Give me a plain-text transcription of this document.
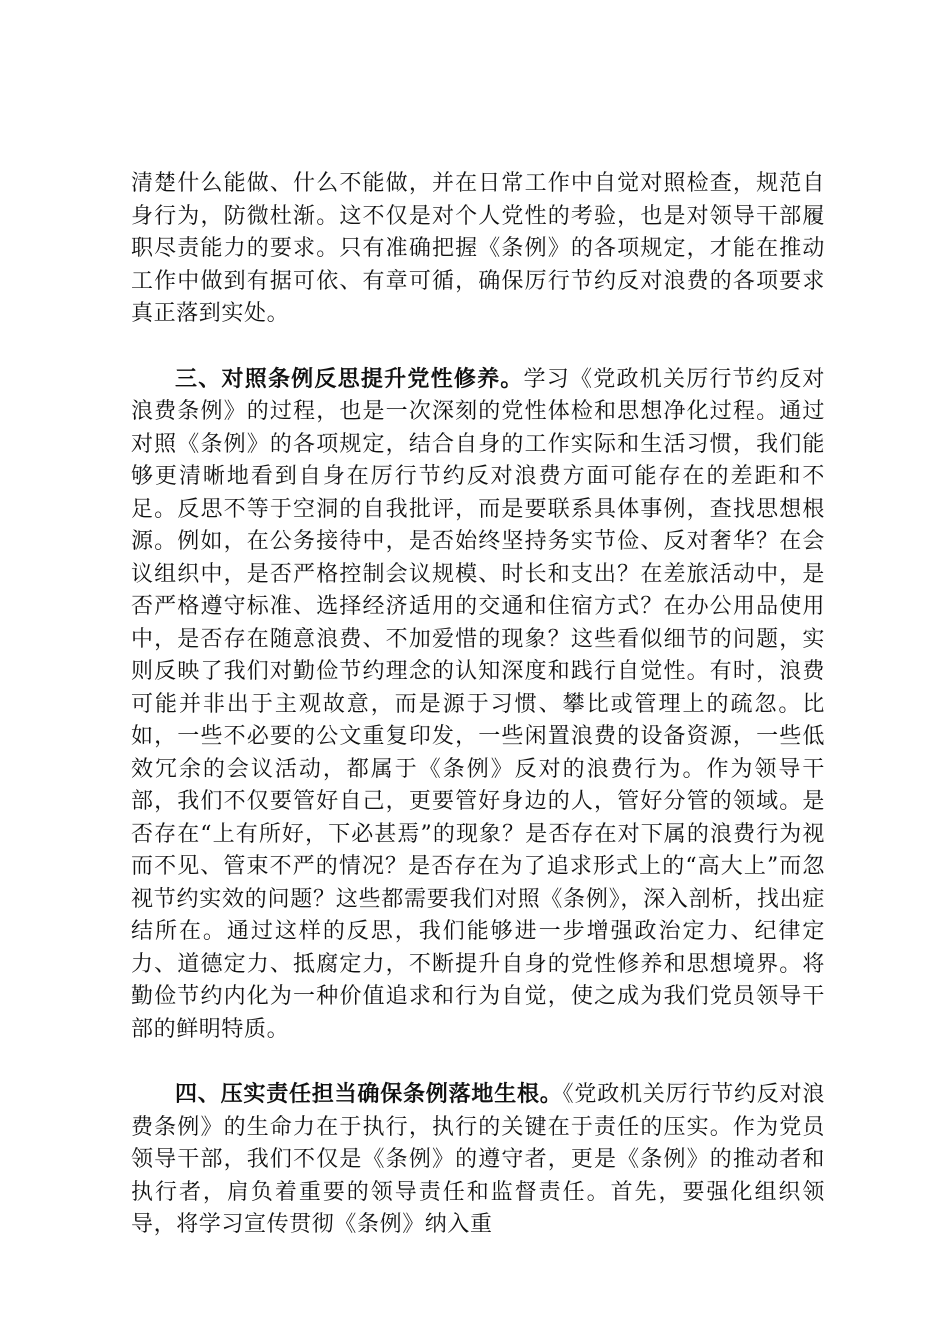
清楚什么能做、什么不能做，并在日常工作中自觉对照检查，规范自身行为，防微杜渐。这不仅是对个人党性的考验，也是对领导干部履职尽责能力的要求。只有准确把握《条例》的各项规定，才能在推动工作中做到有据可依、有章可循，确保厉行节约反对浪费的各项要求真正落到实处。

三、对照条例反思提升党性修养。学习《党政机关厉行节约反对浪费条例》的过程，也是一次深刻的党性体检和思想净化过程。通过对照《条例》的各项规定，结合自身的工作实际和生活习惯，我们能够更清晰地看到自身在厉行节约反对浪费方面可能存在的差距和不足。反思不等于空洞的自我批评，而是要联系具体事例，查找思想根源。例如，在公务接待中，是否始终坚持务实节俭、反对奢华？在会议组织中，是否严格控制会议规模、时长和支出？在差旅活动中，是否严格遵守标准、选择经济适用的交通和住宿方式？在办公用品使用中，是否存在随意浪费、不加爱惜的现象？这些看似细节的问题，实则反映了我们对勤俭节约理念的认知深度和践行自觉性。有时，浪费可能并非出于主观故意，而是源于习惯、攀比或管理上的疏忽。比如，一些不必要的公文重复印发，一些闲置浪费的设备资源，一些低效冗余的会议活动，都属于《条例》反对的浪费行为。作为领导干部，我们不仅要管好自己，更要管好身边的人，管好分管的领域。是否存在“上有所好，下必甚焉”的现象？是否存在对下属的浪费行为视而不见、管束不严的情况？是否存在为了追求形式上的“高大上”而忽视节约实效的问题？这些都需要我们对照《条例》，深入剖析，找出症结所在。通过这样的反思，我们能够进一步增强政治定力、纪律定力、道德定力、抵腐定力，不断提升自身的党性修养和思想境界。将勤俭节约内化为一种价值追求和行为自觉，使之成为我们党员领导干部的鲜明特质。

四、压实责任担当确保条例落地生根。《党政机关厉行节约反对浪费条例》的生命力在于执行，执行的关键在于责任的压实。作为党员领导干部，我们不仅是《条例》的遵守者，更是《条例》的推动者和执行者，肩负着重要的领导责任和监督责任。首先，要强化组织领导，将学习宣传贯彻《条例》纳入重
